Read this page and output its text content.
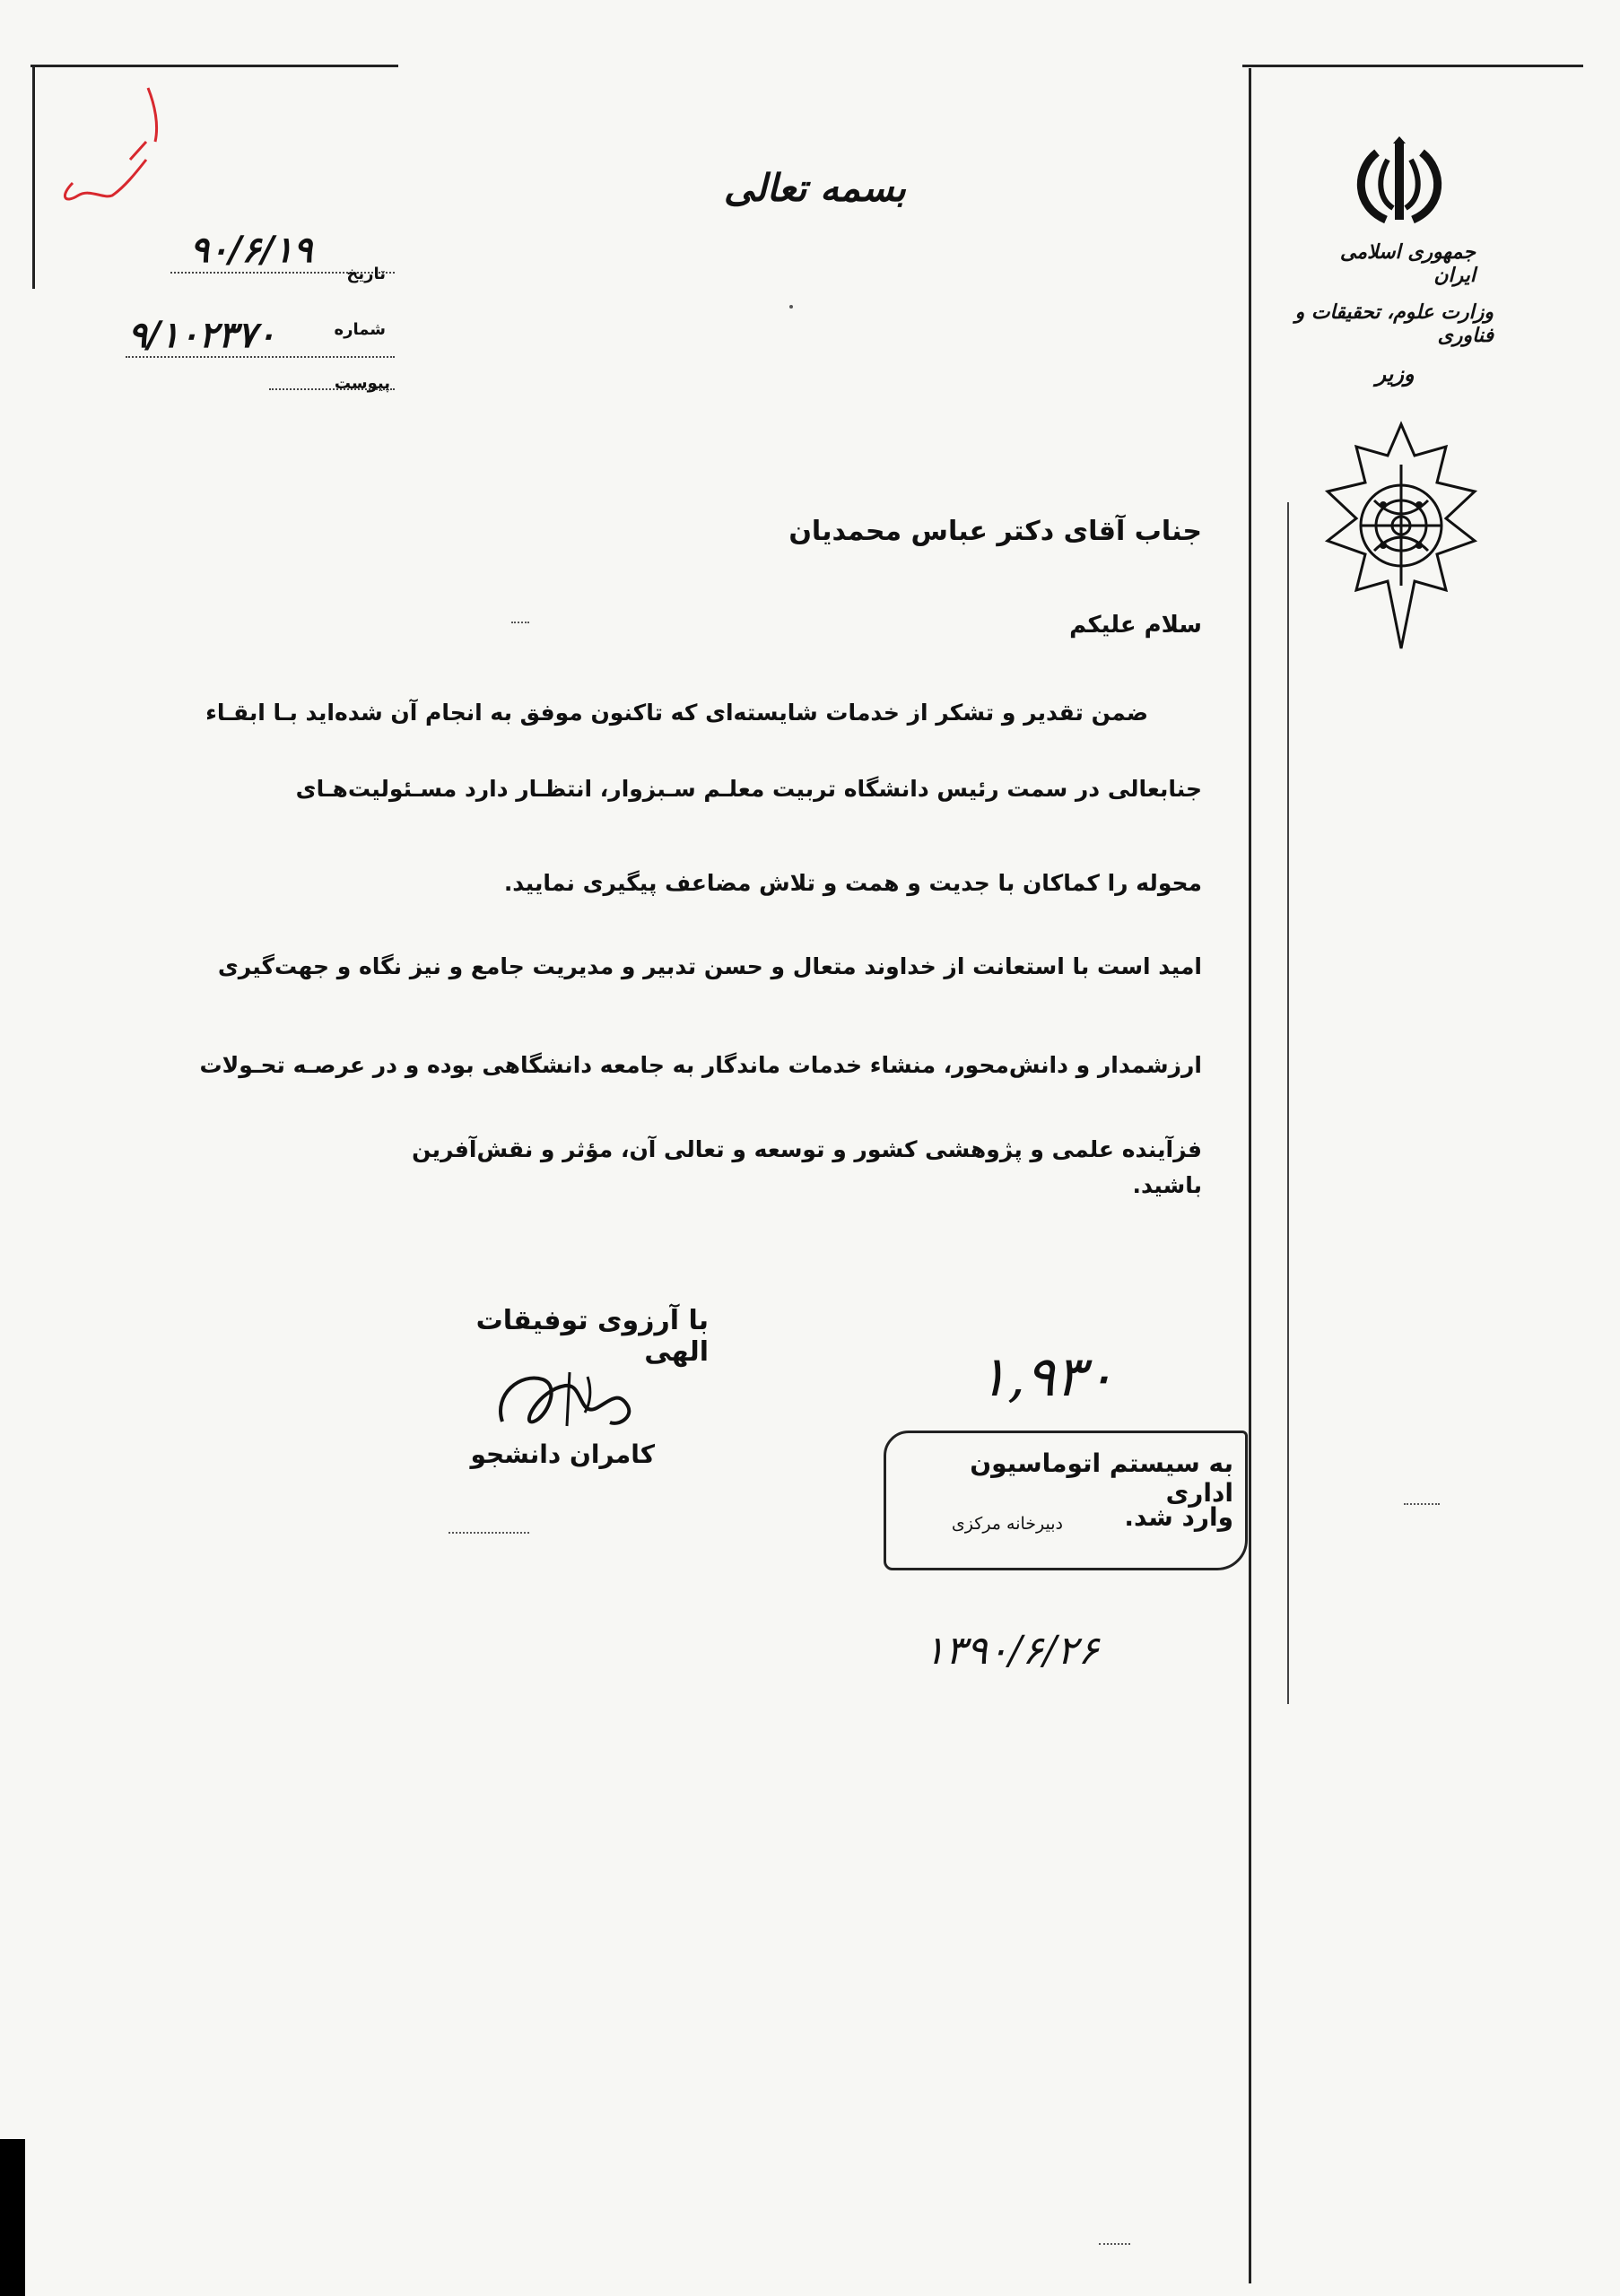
بسمه تعالی
۹۰/۶/۱۹
تاریخ
۹/۱۰۲۳۷۰	شماره
پیوست
جمهوری اسلامی ایران
وزارت علوم، تحقیقات و فناوری
وزیر
جناب آقای دکتر عباس محمدیان
سلام علیکم
ضمن تقدیر و تشکر از خدمات شایسته‌ای که تاکنون موفق به انجام آن شده‌اید بـا ابقـاء
جنابعالی در سمت رئیس دانشگاه تربیت معلـم سـبزوار، انتظـار دارد مسـئولیت‌هـای
محوله را کماکان با جدیت و همت و تلاش مضاعف پیگیری نمایید.
امید است با استعانت از خداوند متعال و حسن تدبیر و مدیریت جامع و نیز نگاه و جهت‌گیری
ارزشمدار و دانش‌محور، منشاء خدمات ماندگار به جامعه دانشگاهی بوده و در عرصـه تحـولات
فزآینده علمی و پژوهشی کشور و توسعه و تعالی آن، مؤثر و نقش‌آفرین باشید.
با آرزوی توفیقات الهی
کامران دانشجو
۱,۹۳۰
به سیستم اتوماسیون اداری
وارد شد.
دبیرخانه مرکزی
۱۳۹۰/۶/۲۶
